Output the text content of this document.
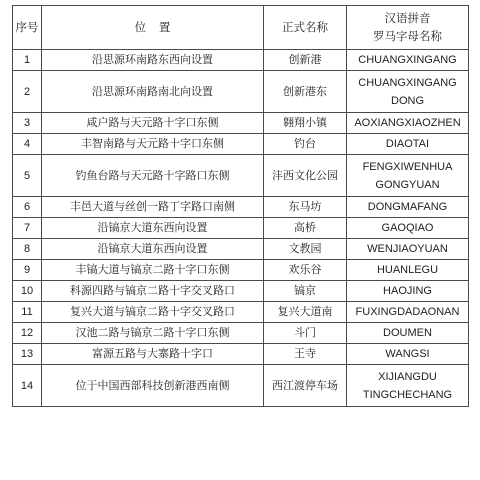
序号	位    置	正式名称	汉语拼音
罗马字母名称

1	沿思源环南路东西向设置	创新港	CHUANGXINGANG

2	沿思源环南路南北向设置	创新港东	CHUANGXINGANG
DONG

3	咸户路与天元路十字口东侧	翱翔小镇	AOXIANGXIAOZHEN

4	丰智南路与天元路十字口东侧	钓台	DIAOTAI

5	钓鱼台路与天元路十字路口东侧	沣西文化公园	FENGXIWENHUA
GONGYUAN

6	丰邑大道与丝创一路丁字路口南侧	东马坊	DONGMAFANG

7	沿镐京大道东西向设置	高桥	GAOQIAO

8	沿镐京大道东西向设置	文教园	WENJIAOYUAN

9	丰镐大道与镐京二路十字口东侧	欢乐谷	HUANLEGU

10	科源四路与镐京二路十字交叉路口	镐京	HAOJING

11	复兴大道与镐京二路十字交叉路口	复兴大道南	FUXINGDADAONAN

12	汉池二路与镐京二路十字口东侧	斗门	DOUMEN

13	富源五路与大寨路十字口	王寺	WANGSI

14	位于中国西部科技创新港西南侧	西江渡停车场	XIJIANGDU
TINGCHECHANG
